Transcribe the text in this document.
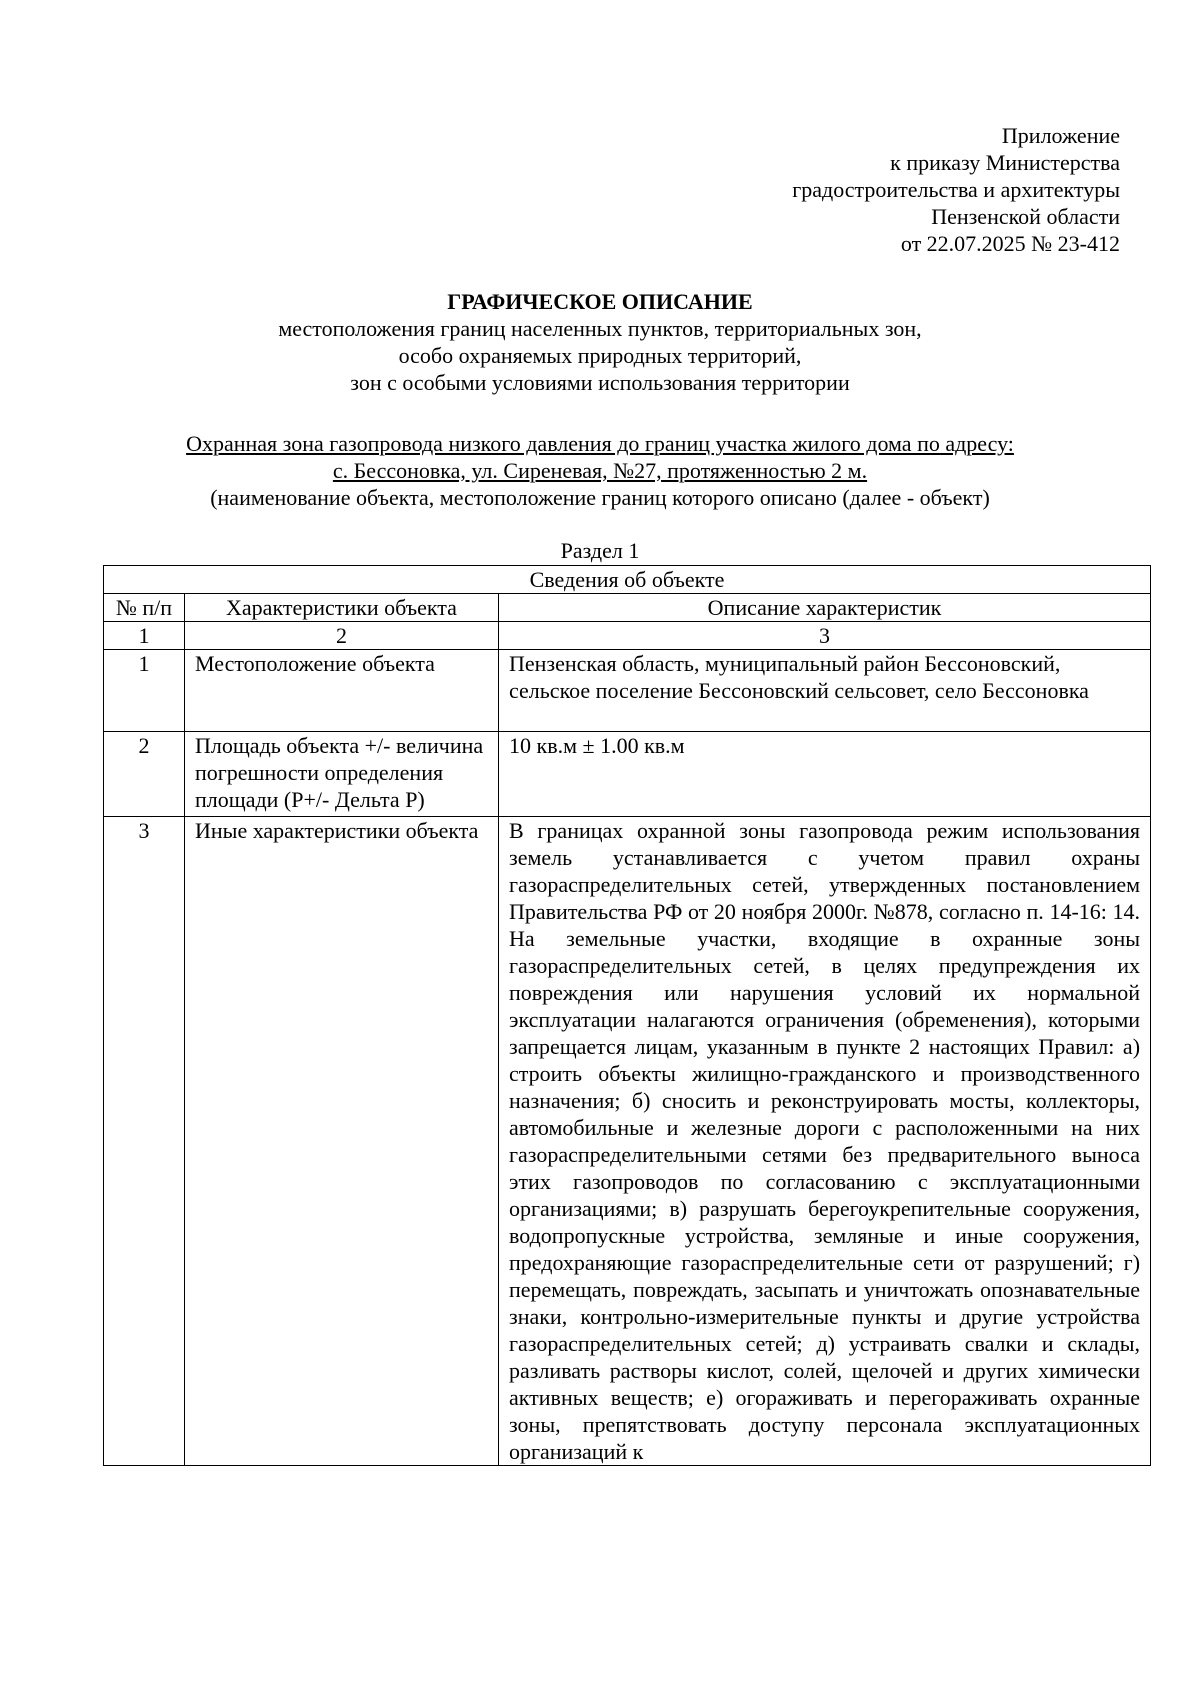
Приложение
к приказу Министерства
градостроительства и архитектуры
Пензенской области
от 22.07.2025 № 23-412
ГРАФИЧЕСКОЕ ОПИСАНИЕ
местоположения границ населенных пунктов, территориальных зон,
особо охраняемых природных территорий,
зон с особыми условиями использования территории
Охранная зона газопровода низкого давления до границ участка жилого дома по адресу:
с. Бессоновка, ул. Сиреневая, №27, протяженностью 2 м.
(наименование объекта, местоположение границ которого описано (далее - объект)
Раздел 1
Сведения об объекте		
№ п/п	Характеристики объекта	Описание характеристик
1	2	3
1	Местоположение объекта	Пензенская область, муниципальный район Бессоновский, сельское поселение Бессоновский сельсовет, село Бессоновка
2	Площадь объекта +/- величина погрешности определения площади (Р+/- Дельта Р)	10 кв.м ± 1.00 кв.м
3	Иные характеристики объекта	В границах охранной зоны газопровода режим использования земель устанавливается с учетом правил охраны газораспределительных сетей, утвержденных постановлением Правительства РФ от 20 ноября 2000г. №878, согласно п. 14-16: 14. На земельные участки, входящие в охранные зоны газораспределительных сетей, в целях предупреждения их повреждения или нарушения условий их нормальной эксплуатации налагаются ограничения (обременения), которыми запрещается лицам, указанным в пункте 2 настоящих Правил: а) строить объекты жилищно-гражданского и производственного назначения; б) сносить и реконструировать мосты, коллекторы, автомобильные и железные дороги с расположенными на них газораспределительными сетями без предварительного выноса этих газопроводов по согласованию с эксплуатационными организациями; в) разрушать берегоукрепительные сооружения, водопропускные устройства, земляные и иные сооружения, предохраняющие газораспределительные сети от разрушений; г) перемещать, повреждать, засыпать и уничтожать опознавательные знаки, контрольно-измерительные пункты и другие устройства газораспределительных сетей; д) устраивать свалки и склады, разливать растворы кислот, солей, щелочей и других химически активных веществ; е) огораживать и перегораживать охранные зоны, препятствовать доступу персонала эксплуатационных организаций к
